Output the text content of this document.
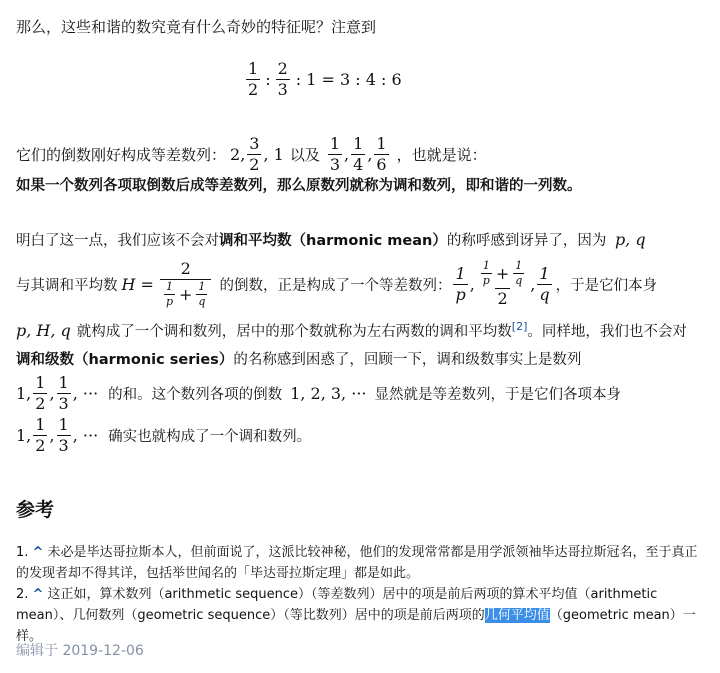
那么，这些和谐的数究竟有什么奇妙的特征呢？注意到

$\frac{1}{2}$ : $\frac{2}{3}$ : 1 = 3 : 4 : 6
它们的倒数刚好构成等差数列： 2, $\frac{3}{2}$ , 1 以及 $\frac{1}{3}$ , $\frac{1}{4}$ , $\frac{1}{6}$ ，也就是说：

如果一个数列各项取倒数后成等差数列，那么原数列就称为调和数列，即和谐的一列数。

明白了这一点，我们应该不会对调和平均数（harmonic mean）的称呼感到讶异了，因为 p, q
与其调和平均数 $H = \frac{2}{\frac{1}{p} + \frac{1}{q}}$ 的倒数，正是构成了一个等差数列： $\frac{1}{p}$ , $\frac{\frac{1}{p} + \frac{1}{q}}{2}$ , $\frac{1}{q}$ ，于是它们本身
p, H, q 就构成了一个调和数列，居中的那个数就称为左右两数的调和平均数[2]。同样地，我们也不会对
调和级数（harmonic series）的名称感到困惑了，回顾一下，调和级数事实上是数列
1, $\frac{1}{2}$ , $\frac{1}{3}$ , ··· 的和。这个数列各项的倒数 1, 2, 3, ··· 显然就是等差数列，于是它们各项本身
1, $\frac{1}{2}$ , $\frac{1}{3}$ , ··· 确实也就构成了一个调和数列。
参考
1. ^ 未必是毕达哥拉斯本人，但前面说了，这派比较神秘，他们的发现常常都是用学派领袖毕达哥拉斯冠名，至于真正的发现者却不得其详，包括举世闻名的「毕达哥拉斯定理」都是如此。
2. ^ 这正如，算术数列（arithmetic sequence）（等差数列）居中的项是前后两项的算术平均值（arithmetic mean）、几何数列（geometric sequence）（等比数列）居中的项是前后两项的几何平均值（geometric mean）一样。
编辑于 2019-12-06
